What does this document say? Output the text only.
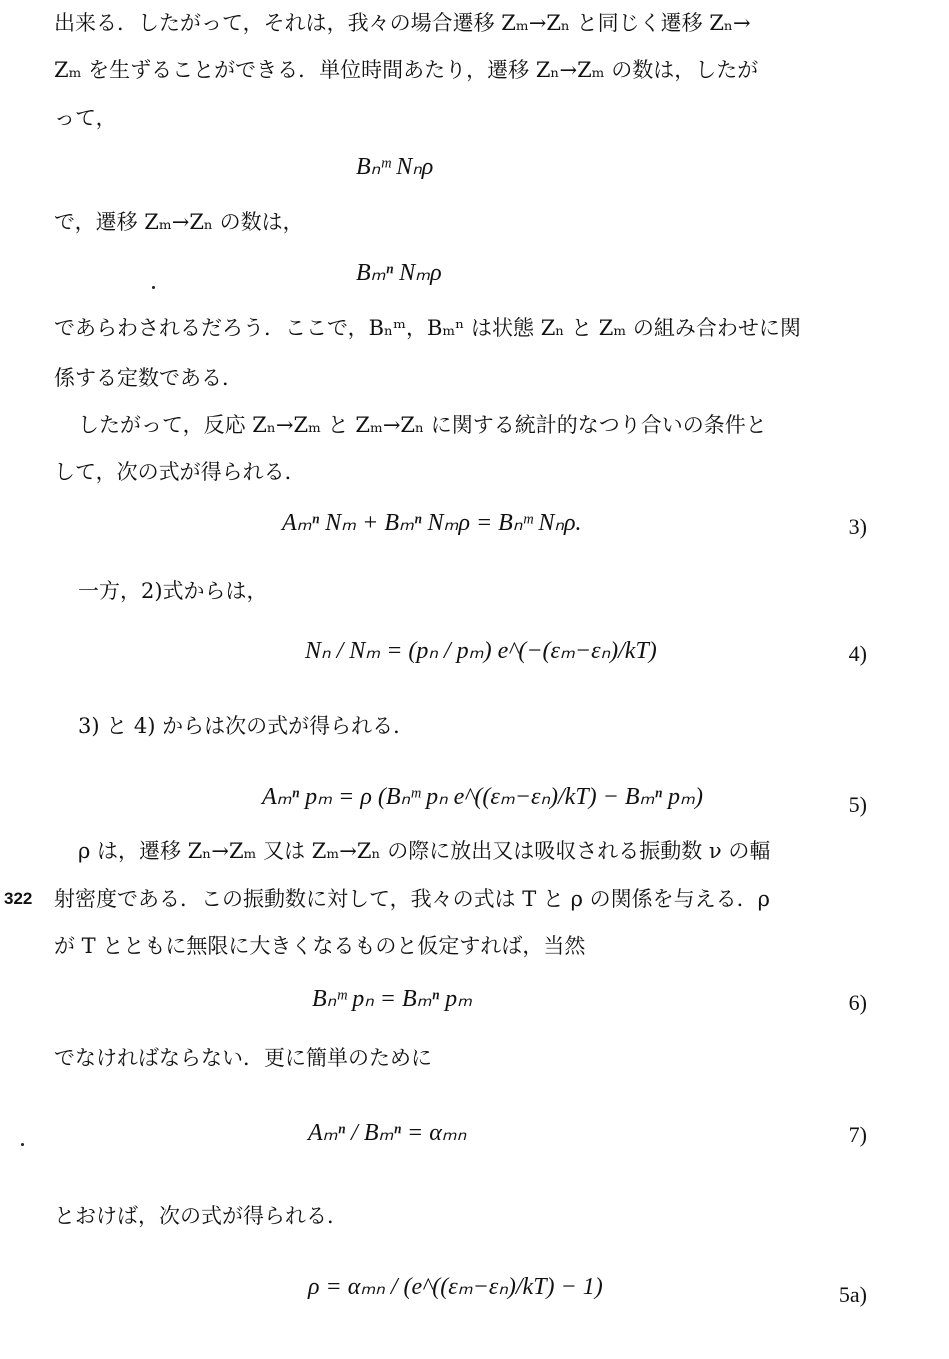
出来る．したがって，それは，我々の場合遷移 Zₘ→Zₙ と同じく遷移 Zₙ→
Zₘ を生ずることができる．単位時間あたり，遷移 Zₙ→Zₘ の数は，したが
って，
Bₙᵐ Nₙρ
で，遷移 Zₘ→Zₙ の数は，
Bₘⁿ Nₘρ
であらわされるだろう．ここで，Bₙᵐ，Bₘⁿ は状態 Zₙ と Zₘ の組み合わせに関
係する定数である．
したがって，反応 Zₙ→Zₘ と Zₘ→Zₙ に関する統計的なつり合いの条件と
して，次の式が得られる．
Aₘⁿ Nₘ + Bₘⁿ Nₘρ = Bₙᵐ Nₙρ.	3)
一方，2)式からは，
Nₙ / Nₘ = (pₙ / pₘ) e^(−(εₘ−εₙ)/kT)	4)
3) と 4) からは次の式が得られる．
Aₘⁿ pₘ = ρ (Bₙᵐ pₙ e^((εₘ−εₙ)/kT) − Bₘⁿ pₘ)	5)
ρ は，遷移 Zₙ→Zₘ 又は Zₘ→Zₙ の際に放出又は吸収される振動数 ν の輻
322 射密度である．この振動数に対して，我々の式は T と ρ の関係を与える．ρ
が T とともに無限に大きくなるものと仮定すれば，当然
Bₙᵐ pₙ = Bₘⁿ pₘ	6)
でなければならない．更に簡単のために
Aₘⁿ / Bₘⁿ = αₘₙ	7)
とおけば，次の式が得られる．
ρ = αₘₙ / (e^((εₘ−εₙ)/kT) − 1)	5a)
